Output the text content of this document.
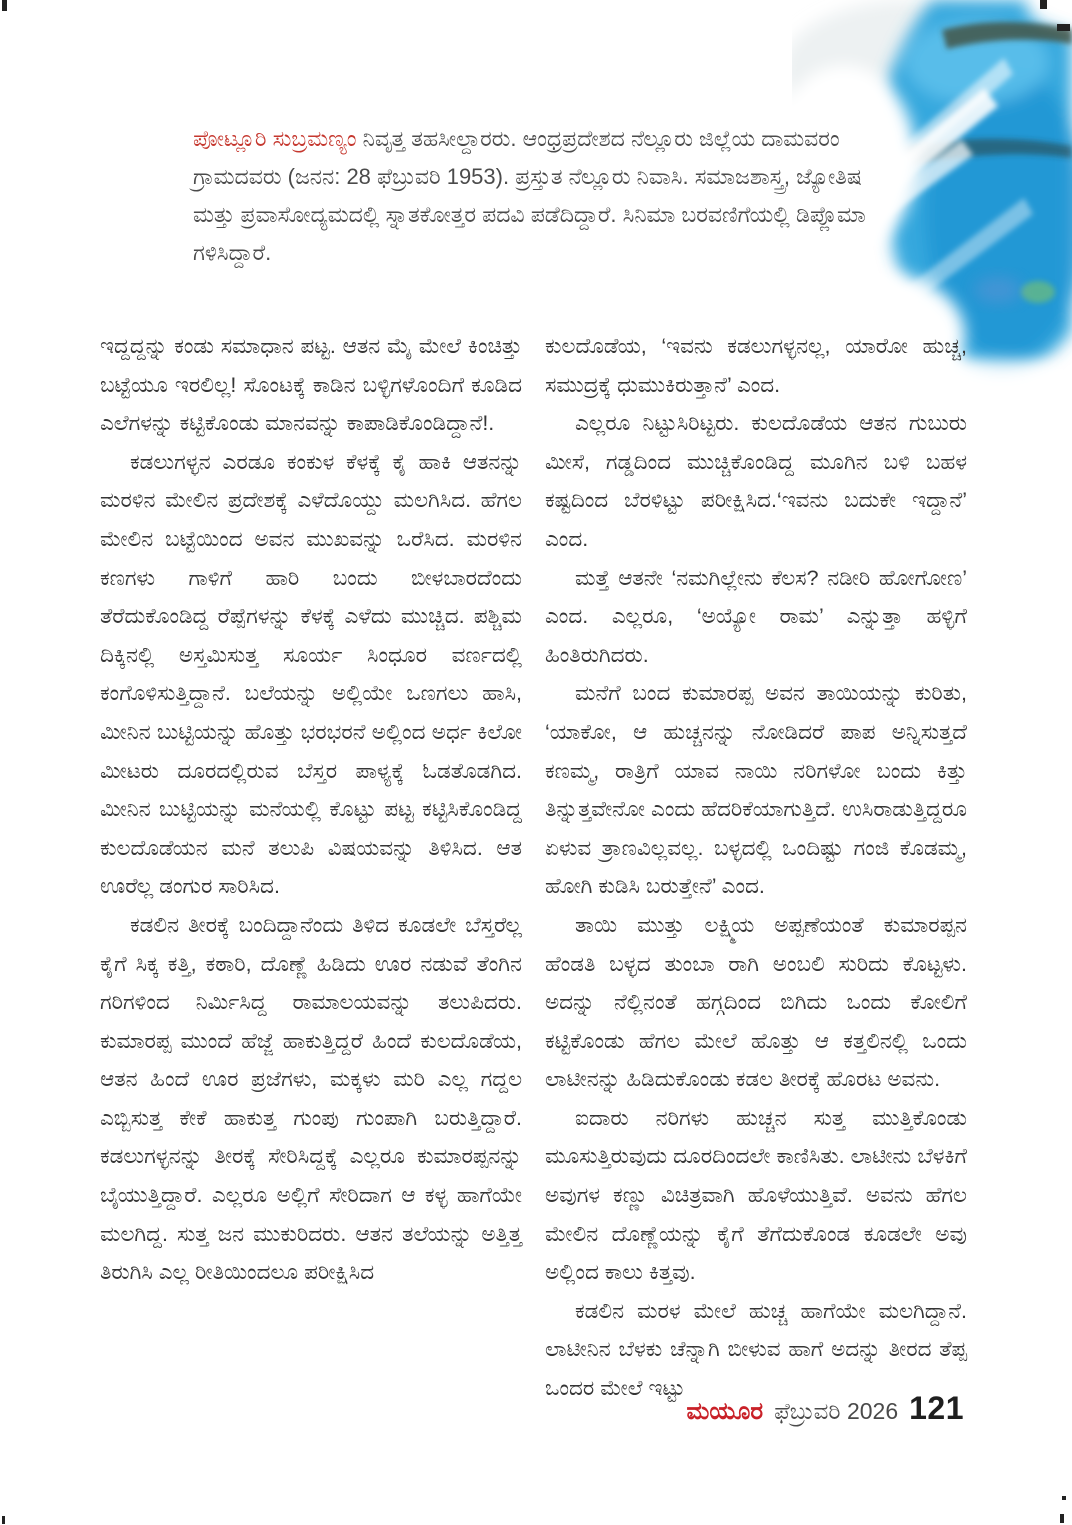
ಪೋಟ್ಲೂರಿ ಸುಬ್ರಮಣ್ಯಂ ನಿವೃತ್ತ ತಹಸೀಲ್ದಾರರು. ಆಂಧ್ರಪ್ರದೇಶದ ನೆಲ್ಲೂರು ಜಿಲ್ಲೆಯ ದಾಮವರಂ ಗ್ರಾಮದವರು (ಜನನ: 28 ಫೆಬ್ರುವರಿ 1953). ಪ್ರಸ್ತುತ ನೆಲ್ಲೂರು ನಿವಾಸಿ. ಸಮಾಜಶಾಸ್ತ್ರ, ಜ್ಯೋತಿಷ ಮತ್ತು ಪ್ರವಾಸೋದ್ಯಮದಲ್ಲಿ ಸ್ನಾತಕೋತ್ತರ ಪದವಿ ಪಡೆದಿದ್ದಾರೆ. ಸಿನಿಮಾ ಬರವಣಿಗೆಯಲ್ಲಿ ಡಿಪ್ಲೊಮಾ ಗಳಿಸಿದ್ದಾರೆ.

ಇದ್ದದ್ದನ್ನು ಕಂಡು ಸಮಾಧಾನ ಪಟ್ಟ. ಆತನ ಮೈ ಮೇಲೆ ಕಿಂಚಿತ್ತು ಬಟ್ಟೆಯೂ ಇರಲಿಲ್ಲ! ಸೊಂಟಕ್ಕೆ ಕಾಡಿನ ಬಳ್ಳಿಗಳೊಂದಿಗೆ ಕೂಡಿದ ಎಲೆಗಳನ್ನು ಕಟ್ಟಿಕೊಂಡು ಮಾನವನ್ನು ಕಾಪಾಡಿಕೊಂಡಿದ್ದಾನೆ!.

ಕಡಲುಗಳ್ಳನ ಎರಡೂ ಕಂಕುಳ ಕೆಳಕ್ಕೆ ಕೈ ಹಾಕಿ ಆತನನ್ನು ಮರಳಿನ ಮೇಲಿನ ಪ್ರದೇಶಕ್ಕೆ ಎಳೆದೊಯ್ದು ಮಲಗಿಸಿದ. ಹೆಗಲ ಮೇಲಿನ ಬಟ್ಟೆಯಿಂದ ಅವನ ಮುಖವನ್ನು ಒರೆಸಿದ. ಮರಳಿನ ಕಣಗಳು ಗಾಳಿಗೆ ಹಾರಿ ಬಂದು ಬೀಳಬಾರದೆಂದು ತೆರೆದುಕೊಂಡಿದ್ದ ರೆಪ್ಪೆಗಳನ್ನು ಕೆಳಕ್ಕೆ ಎಳೆದು ಮುಚ್ಚಿದ. ಪಶ್ಚಿಮ ದಿಕ್ಕಿನಲ್ಲಿ ಅಸ್ತಮಿಸುತ್ತ ಸೂರ್ಯ ಸಿಂಧೂರ ವರ್ಣದಲ್ಲಿ ಕಂಗೊಳಿಸುತ್ತಿದ್ದಾನೆ. ಬಲೆಯನ್ನು ಅಲ್ಲಿಯೇ ಒಣಗಲು ಹಾಸಿ, ಮೀನಿನ ಬುಟ್ಟಿಯನ್ನು ಹೊತ್ತು ಭರಭರನೆ ಅಲ್ಲಿಂದ ಅರ್ಧ ಕಿಲೋ ಮೀಟರು ದೂರದಲ್ಲಿರುವ ಬೆಸ್ತರ ಪಾಳ್ಯಕ್ಕೆ ಓಡತೊಡಗಿದ. ಮೀನಿನ ಬುಟ್ಟಿಯನ್ನು ಮನೆಯಲ್ಲಿ ಕೊಟ್ಟು ಪಟ್ಟ ಕಟ್ಟಿಸಿಕೊಂಡಿದ್ದ ಕುಲದೊಡೆಯನ ಮನೆ ತಲುಪಿ ವಿಷಯವನ್ನು ತಿಳಿಸಿದ. ಆತ ಊರೆಲ್ಲ ಡಂಗುರ ಸಾರಿಸಿದ.

ಕಡಲಿನ ತೀರಕ್ಕೆ ಬಂದಿದ್ದಾನೆಂದು ತಿಳಿದ ಕೂಡಲೇ ಬೆಸ್ತರೆಲ್ಲ ಕೈಗೆ ಸಿಕ್ಕ ಕತ್ತಿ, ಕಠಾರಿ, ದೊಣ್ಣೆ ಹಿಡಿದು ಊರ ನಡುವೆ ತೆಂಗಿನ ಗರಿಗಳಿಂದ ನಿರ್ಮಿಸಿದ್ದ ರಾಮಾಲಯವನ್ನು ತಲುಪಿದರು. ಕುಮಾರಪ್ಪ ಮುಂದೆ ಹೆಜ್ಜೆ ಹಾಕುತ್ತಿದ್ದರೆ ಹಿಂದೆ ಕುಲದೊಡೆಯ, ಆತನ ಹಿಂದೆ ಊರ ಪ್ರಜೆಗಳು, ಮಕ್ಕಳು ಮರಿ ಎಲ್ಲ ಗದ್ದಲ ಎಬ್ಬಿಸುತ್ತ ಕೇಕೆ ಹಾಕುತ್ತ ಗುಂಪು ಗುಂಪಾಗಿ ಬರುತ್ತಿದ್ದಾರೆ. ಕಡಲುಗಳ್ಳನನ್ನು ತೀರಕ್ಕೆ ಸೇರಿಸಿದ್ದಕ್ಕೆ ಎಲ್ಲರೂ ಕುಮಾರಪ್ಪನನ್ನು ಬೈಯುತ್ತಿದ್ದಾರೆ. ಎಲ್ಲರೂ ಅಲ್ಲಿಗೆ ಸೇರಿದಾಗ ಆ ಕಳ್ಳ ಹಾಗೆಯೇ ಮಲಗಿದ್ದ. ಸುತ್ತ ಜನ ಮುಕುರಿದರು. ಆತನ ತಲೆಯನ್ನು ಅತ್ತಿತ್ತ ತಿರುಗಿಸಿ ಎಲ್ಲ ರೀತಿಯಿಂದಲೂ ಪರೀಕ್ಷಿಸಿದ

ಕುಲದೊಡೆಯ, ‘ಇವನು ಕಡಲುಗಳ್ಳನಲ್ಲ, ಯಾರೋ ಹುಚ್ಚ, ಸಮುದ್ರಕ್ಕೆ ಧುಮುಕಿರುತ್ತಾನೆ’ ಎಂದ.

ಎಲ್ಲರೂ ನಿಟ್ಟುಸಿರಿಟ್ಟರು. ಕುಲದೊಡೆಯ ಆತನ ಗುಬುರು ಮೀಸೆ, ಗಡ್ಡದಿಂದ ಮುಚ್ಚಿಕೊಂಡಿದ್ದ ಮೂಗಿನ ಬಳಿ ಬಹಳ ಕಷ್ಟದಿಂದ ಬೆರಳಿಟ್ಟು ಪರೀಕ್ಷಿಸಿದ.‘ಇವನು ಬದುಕೇ ಇದ್ದಾನೆ’ ಎಂದ.

ಮತ್ತೆ ಆತನೇ ‘ನಮಗಿಲ್ಲೇನು ಕೆಲಸ? ನಡೀರಿ ಹೋಗೋಣ’ ಎಂದ. ಎಲ್ಲರೂ, ‘ಅಯ್ಯೋ ರಾಮ’ ಎನ್ನುತ್ತಾ ಹಳ್ಳಿಗೆ ಹಿಂತಿರುಗಿದರು.

ಮನೆಗೆ ಬಂದ ಕುಮಾರಪ್ಪ ಅವನ ತಾಯಿಯನ್ನು ಕುರಿತು, ‘ಯಾಕೋ, ಆ ಹುಚ್ಚನನ್ನು ನೋಡಿದರೆ ಪಾಪ ಅನ್ನಿಸುತ್ತದೆ ಕಣಮ್ಮ, ರಾತ್ರಿಗೆ ಯಾವ ನಾಯಿ ನರಿಗಳೋ ಬಂದು ಕಿತ್ತು ತಿನ್ನುತ್ತವೇನೋ ಎಂದು ಹೆದರಿಕೆಯಾಗುತ್ತಿದೆ. ಉಸಿರಾಡುತ್ತಿದ್ದರೂ ಏಳುವ ತ್ರಾಣವಿಲ್ಲವಲ್ಲ. ಬಳ್ಳದಲ್ಲಿ ಒಂದಿಷ್ಟು ಗಂಜಿ ಕೊಡಮ್ಮ, ಹೋಗಿ ಕುಡಿಸಿ ಬರುತ್ತೇನೆ’ ಎಂದ.

ತಾಯಿ ಮುತ್ತು ಲಕ್ಷ್ಮಿಯ ಅಪ್ಪಣೆಯಂತೆ ಕುಮಾರಪ್ಪನ ಹೆಂಡತಿ ಬಳ್ಳದ ತುಂಬಾ ರಾಗಿ ಅಂಬಲಿ ಸುರಿದು ಕೊಟ್ಟಳು. ಅದನ್ನು ನೆಲ್ಲಿನಂತೆ ಹಗ್ಗದಿಂದ ಬಿಗಿದು ಒಂದು ಕೋಲಿಗೆ ಕಟ್ಟಿಕೊಂಡು ಹೆಗಲ ಮೇಲೆ ಹೊತ್ತು ಆ ಕತ್ತಲಿನಲ್ಲಿ ಒಂದು ಲಾಟೀನನ್ನು ಹಿಡಿದುಕೊಂಡು ಕಡಲ ತೀರಕ್ಕೆ ಹೊರಟ ಅವನು.

ಐದಾರು ನರಿಗಳು ಹುಚ್ಚನ ಸುತ್ತ ಮುತ್ತಿಕೊಂಡು ಮೂಸುತ್ತಿರುವುದು ದೂರದಿಂದಲೇ ಕಾಣಿಸಿತು. ಲಾಟೀನು ಬೆಳಕಿಗೆ ಅವುಗಳ ಕಣ್ಣು ವಿಚಿತ್ರವಾಗಿ ಹೊಳೆಯುತ್ತಿವೆ. ಅವನು ಹೆಗಲ ಮೇಲಿನ ದೊಣ್ಣೆಯನ್ನು ಕೈಗೆ ತೆಗೆದುಕೊಂಡ ಕೂಡಲೇ ಅವು ಅಲ್ಲಿಂದ ಕಾಲು ಕಿತ್ತವು.

ಕಡಲಿನ ಮರಳ ಮೇಲೆ ಹುಚ್ಚ ಹಾಗೆಯೇ ಮಲಗಿದ್ದಾನೆ. ಲಾಟೀನಿನ ಬೆಳಕು ಚೆನ್ನಾಗಿ ಬೀಳುವ ಹಾಗೆ ಅದನ್ನು ತೀರದ ತೆಪ್ಪ ಒಂದರ ಮೇಲೆ ಇಟ್ಟು

ಮಯೂರ ಫೆಬ್ರುವರಿ 2026 121
